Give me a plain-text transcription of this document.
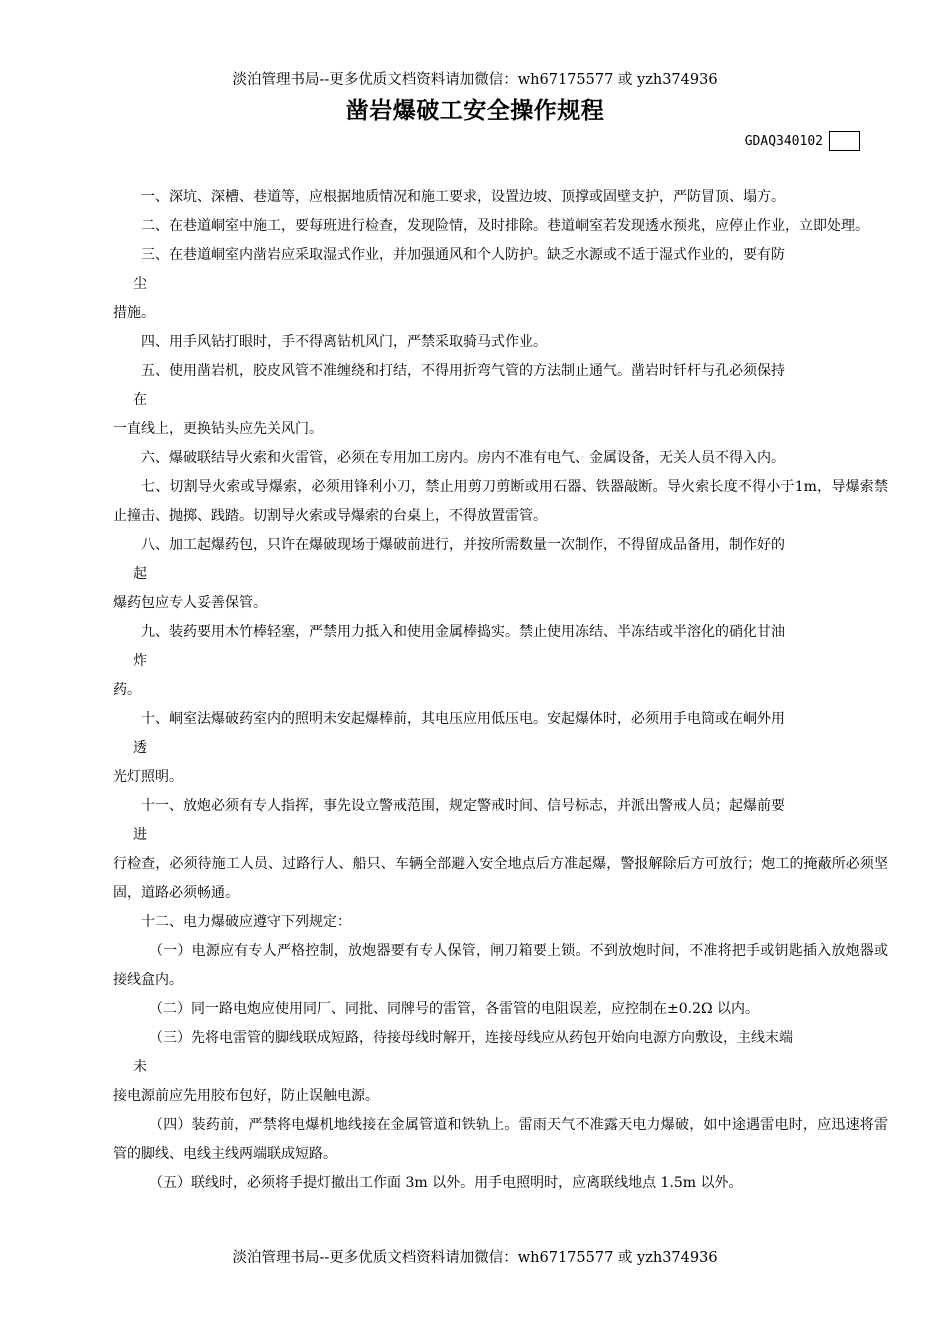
淡泊管理书局--更多优质文档资料请加微信：wh67175577 或 yzh374936
凿岩爆破工安全操作规程
GDAQ340102

一、深坑、深槽、巷道等，应根据地质情况和施工要求，设置边坡、顶撑或固壁支护，严防冒顶、塌方。

二、在巷道峒室中施工，要每班进行检查，发现险情，及时排除。巷道峒室若发现透水预兆，应停止作业，立即处理。

三、在巷道峒室内凿岩应采取湿式作业，并加强通风和个人防护。缺乏水源或不适于湿式作业的，要有防

尘

措施。

四、用手风钻打眼时，手不得离钻机风门，严禁采取骑马式作业。

五、使用凿岩机，胶皮风管不准缠绕和打结，不得用折弯气管的方法制止通气。凿岩时钎杆与孔必须保持

在

一直线上，更换钻头应先关风门。

六、爆破联结导火索和火雷管，必须在专用加工房内。房内不准有电气、金属设备，无关人员不得入内。

七、切割导火索或导爆索，必须用锋利小刀，禁止用剪刀剪断或用石器、铁器敲断。导火索长度不得小于1m，导爆索禁止撞击、抛掷、践踏。切割导火索或导爆索的台桌上，不得放置雷管。

八、加工起爆药包，只许在爆破现场于爆破前进行，并按所需数量一次制作，不得留成品备用，制作好的

起

爆药包应专人妥善保管。

九、装药要用木竹棒轻塞，严禁用力抵入和使用金属棒捣实。禁止使用冻结、半冻结或半溶化的硝化甘油

炸

药。

十、峒室法爆破药室内的照明未安起爆棒前，其电压应用低压电。安起爆体时，必须用手电筒或在峒外用

透

光灯照明。

十一、放炮必须有专人指挥，事先设立警戒范围，规定警戒时间、信号标志，并派出警戒人员；起爆前要

进

行检查，必须待施工人员、过路行人、船只、车辆全部避入安全地点后方准起爆，警报解除后方可放行；炮工的掩蔽所必须坚固，道路必须畅通。

十二、电力爆破应遵守下列规定：

（一）电源应有专人严格控制，放炮器要有专人保管，闸刀箱要上锁。不到放炮时间，不准将把手或钥匙插入放炮器或接线盒内。

（二）同一路电炮应使用同厂、同批、同牌号的雷管，各雷管的电阻误差，应控制在±0.2Ω 以内。

（三）先将电雷管的脚线联成短路，待接母线时解开，连接母线应从药包开始向电源方向敷设，主线末端

未

接电源前应先用胶布包好，防止误触电源。

（四）装药前，严禁将电爆机地线接在金属管道和铁轨上。雷雨天气不准露天电力爆破，如中途遇雷电时，应迅速将雷管的脚线、电线主线两端联成短路。

（五）联线时，必须将手提灯撤出工作面 3m 以外。用手电照明时，应离联线地点 1.5m 以外。

淡泊管理书局--更多优质文档资料请加微信：wh67175577 或 yzh374936
